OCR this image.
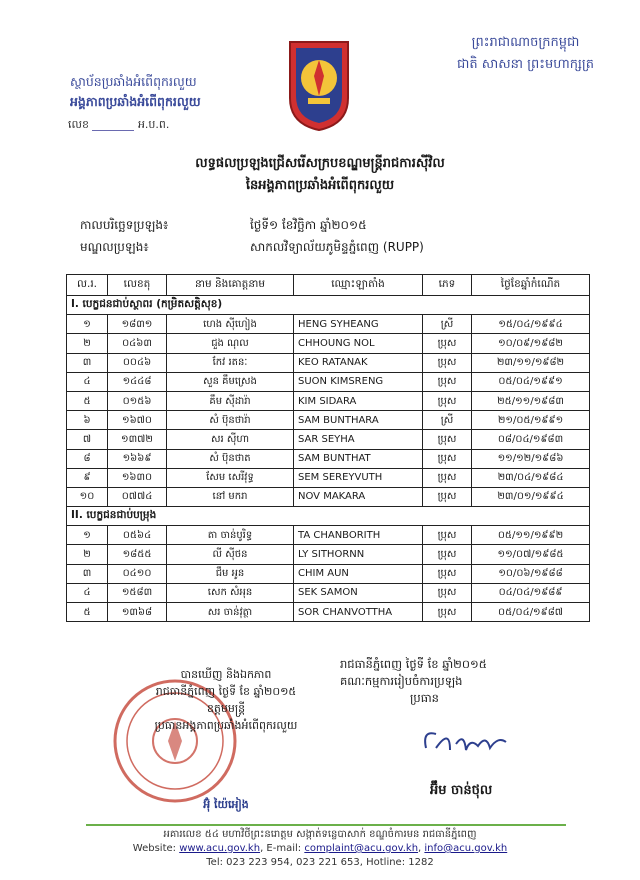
ព្រះរាជាណាចក្រកម្ពុជា
ជាតិ សាសនា ព្រះមហាក្សត្រ
ស្ថាប័នប្រឆាំងអំពើពុករលួយ
អង្គភាពប្រឆាំងអំពើពុករលួយ
លេខ	អ.ប.ព.
លទ្ធផលប្រឡងជ្រើសរើសក្របខណ្ឌមន្ត្រីរាជការស៊ីវិល
នៃអង្គភាពប្រឆាំងអំពើពុករលួយ
កាលបរិច្ឆេទប្រឡង៖	ថ្ងៃទី១ ខែវិច្ឆិកា ឆ្នាំ២០១៥
មណ្ឌលប្រឡង៖	សាកលវិទ្យាល័យភូមិន្ទភ្នំពេញ (RUPP)
ល.រ.	លេខតុ	នាម និងគោត្តនាម	ឈ្មោះឡាតាំង	ភេទ	ថ្ងៃខែឆ្នាំកំណើត
I. បេក្ខជនជាប់ស្ថាពរ (កម្រិតសត្តិសុខ)					
១	១៨៣១	ហេង ស៊ីហៀង	HENG SYHEANG	ស្រី	១៥/០៤/១៩៩៤
២	០៤៦៣	ជួង ណុល	CHHOUNG NOL	ប្រុស	១០/០៩/១៩៨២
៣	០០៤៦	កែវ រតនៈ	KEO RATANAK	ប្រុស	២៣/១១/១៩៨២
៤	១៤៤៨	សួន គឹមស្រេង	SUON KIMSRENG	ប្រុស	០៥/០៤/១៩៩១
៥	០១៥៦	គឹម ស៊ីដារ៉ា	KIM SIDARA	ប្រុស	២៥/១១/១៩៨៣
៦	១៦៧០	សំ ប៊ុនថារ៉ា	SAM BUNTHARA	ស្រី	២១/០៥/១៩៩១
៧	១៣៧២	សរ ស៊ីហា	SAR SEYHA	ប្រុស	០៨/០៤/១៩៨៣
៨	១៦៦៩	សំ ប៊ុនថាត	SAM BUNTHAT	ប្រុស	១១/១២/១៩៨៦
៩	១៦៣០	សែម សេរីវុទ្ធ	SEM SEREYVUTH	ប្រុស	២៣/០៤/១៩៨៤
១០	០៧៧៤	នៅ មករា	NOV MAKARA	ប្រុស	២៣/០១/១៩៩៤
II. បេក្ខជនជាប់បម្រុង					
១	០៥៦៤	តា ចាន់បូរិទ្ធ	TA CHANBORITH	ប្រុស	០៥/១១/១៩៩២
២	១៨៥៥	លី ស៊ីថន	LY SITHORNN	ប្រុស	១១/០៧/១៩៨៥
៣	០៤១០	ជឹម អូន	CHIM AUN	ប្រុស	១០/០៦/១៩៨៨
៤	១៥៨៣	សេក សំអុន	SEK SAMON	ប្រុស	០៤/០៤/១៩៨៩
៥	១៣៦៨	សរ ចាន់វុត្ថា	SOR CHANVOTTHA	ប្រុស	០៥/០៤/១៩៨៧
បានឃើញ និងឯកភាព
រាជធានីភ្នំពេញ ថ្ងៃទី ខែ ឆ្នាំ២០១៥
ឧត្តមមន្ត្រី
ប្រធានអង្គភាពប្រឆាំងអំពើពុករលួយ
អ៊ុំ យ៉ៃអៀង
រាជធានីភ្នំពេញ ថ្ងៃទី ខែ ឆ្នាំ២០១៥
គណៈកម្មការរៀបចំការប្រឡង
ប្រធាន
អ៊ឹម ចាន់ថុល
អគារលេខ ៥៤ មហាវិថីព្រះនរោត្តម សង្កាត់ទន្លេបាសាក់ ខណ្ឌចំការមន រាជធានីភ្នំពេញ
Website: www.acu.gov.kh, E-mail: complaint@acu.gov.kh, info@acu.gov.kh
Tel: 023 223 954, 023 221 653, Hotline: 1282
